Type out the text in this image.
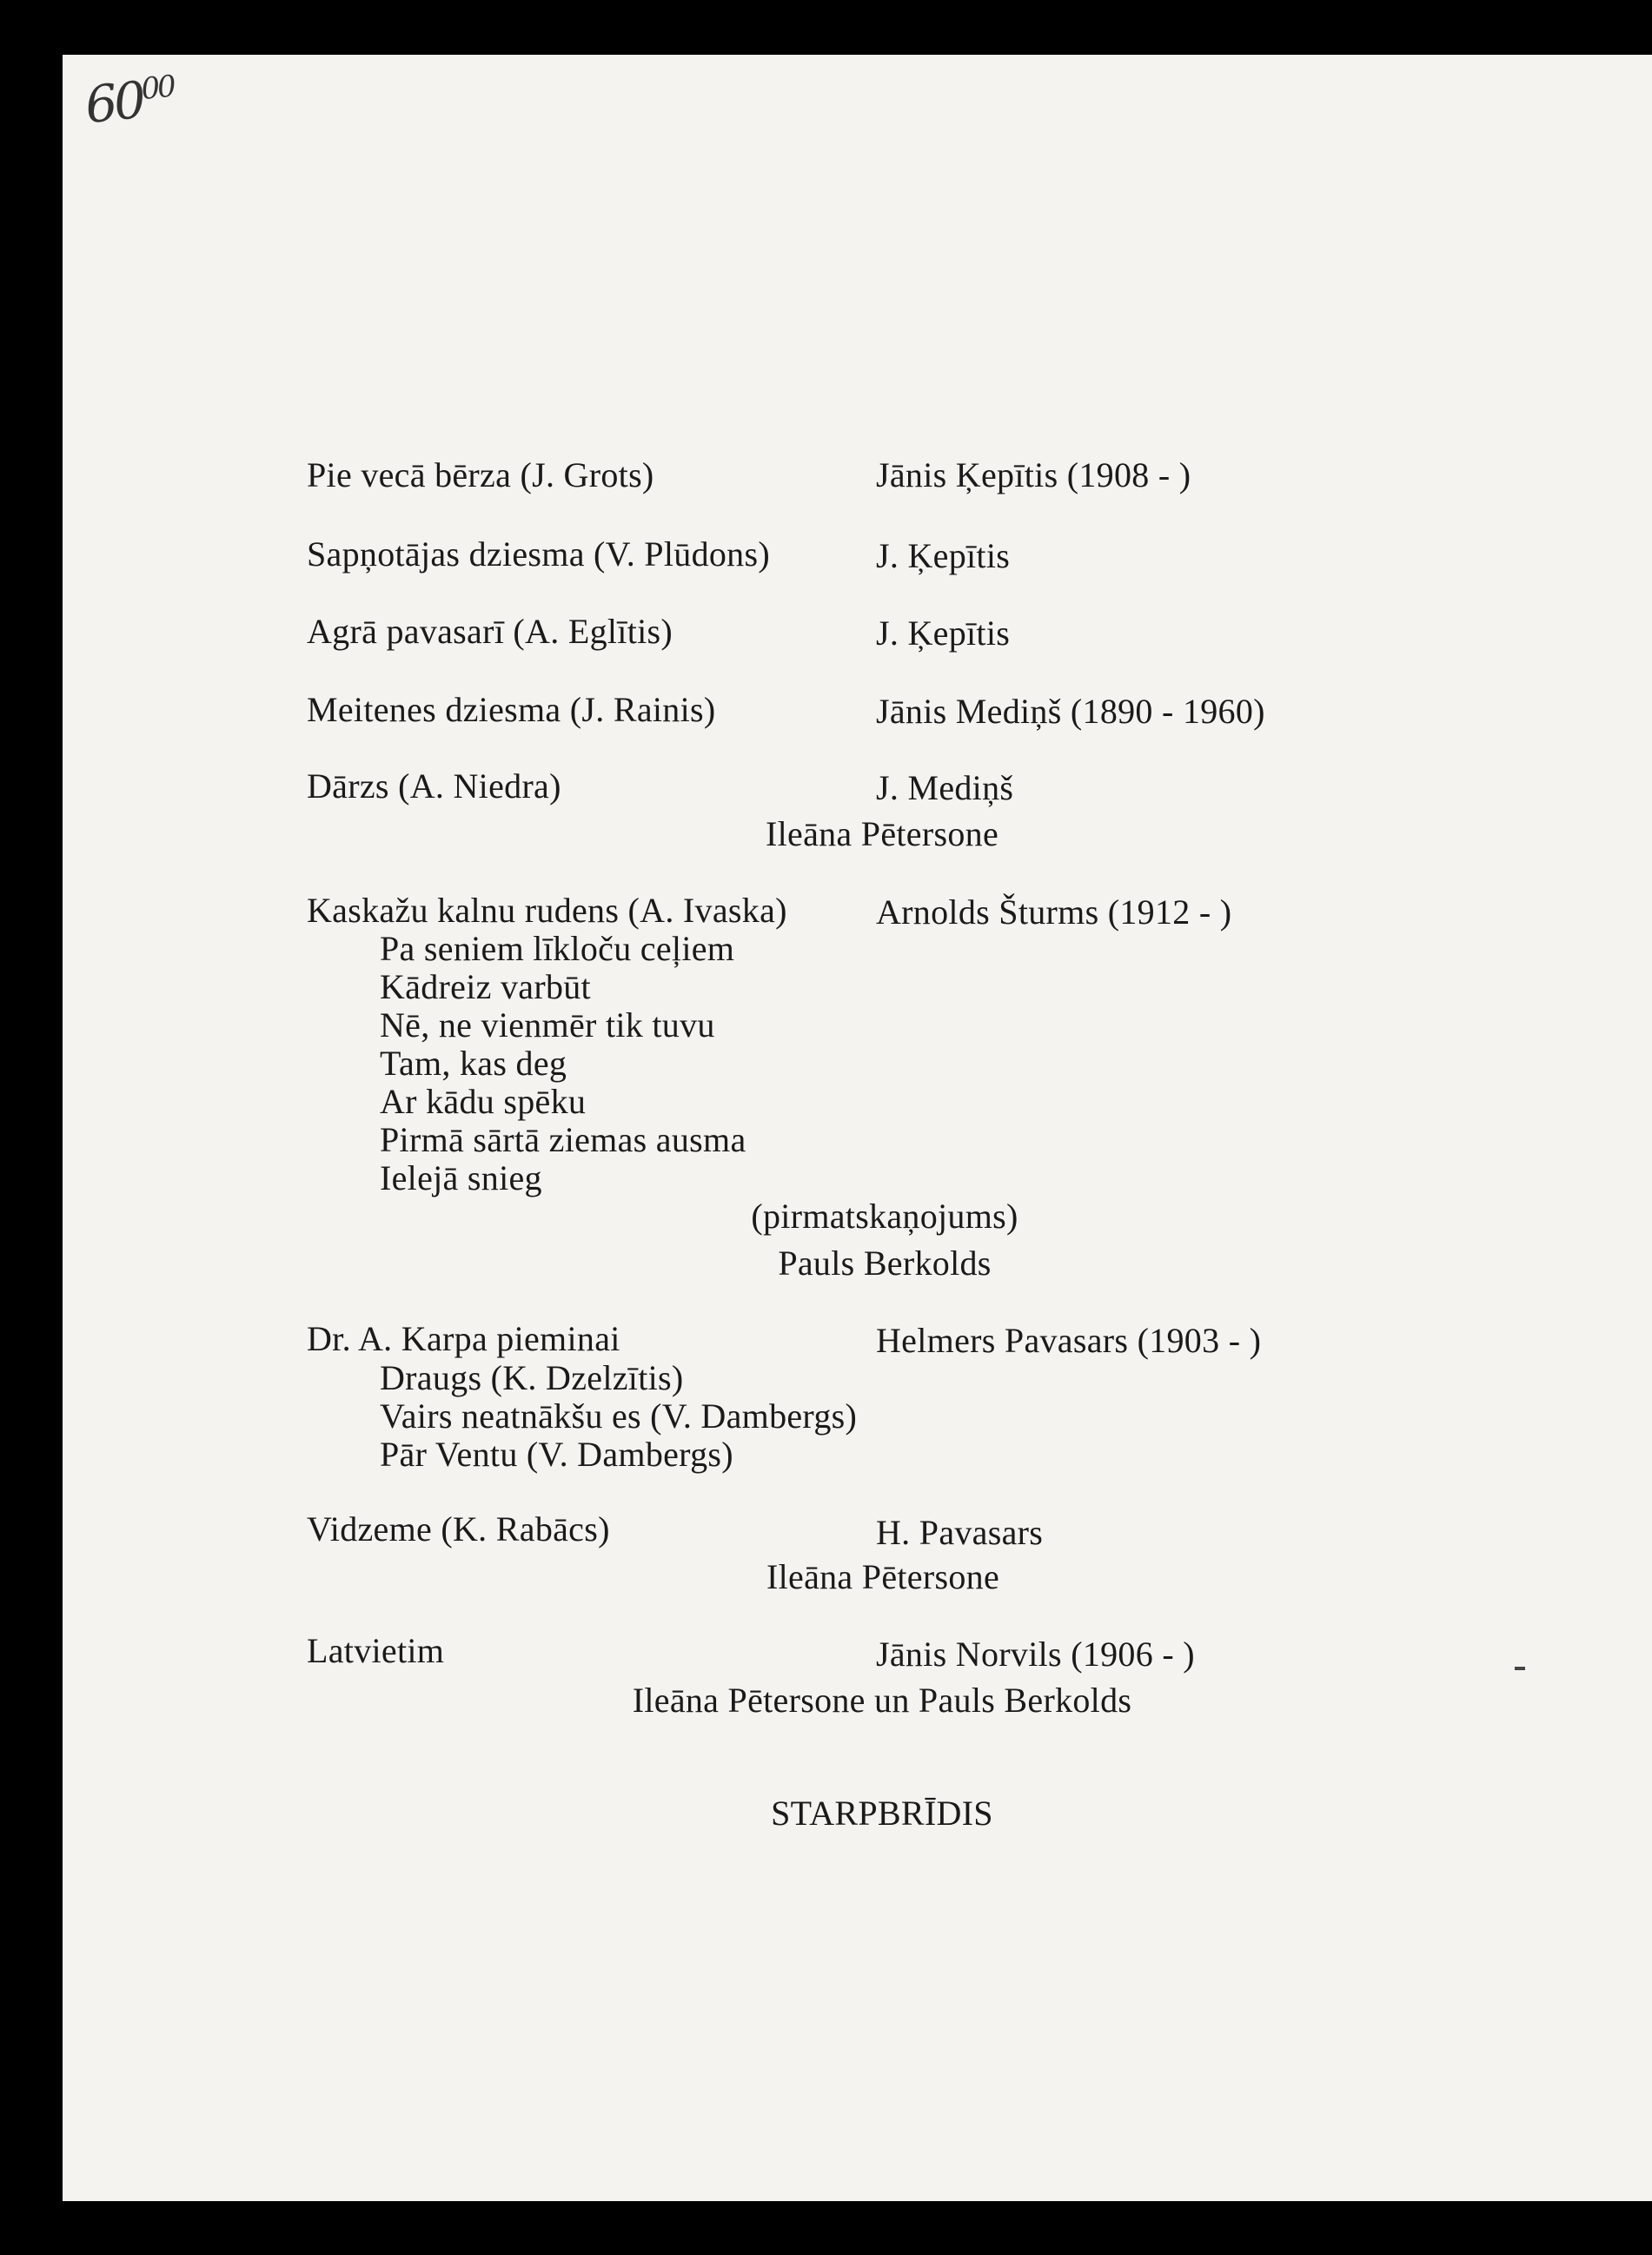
$60^{00}$
Pie vecā bērza (J. Grots)	Jānis Ķepītis (1908 - )
Sapņotājas dziesma (V. Plūdons)	J. Ķepītis
Agrā pavasarī (A. Eglītis)	J. Ķepītis
Meitenes dziesma (J. Rainis)	Jānis Mediņš (1890 - 1960)
Dārzs (A. Niedra)	J. Mediņš
Ileāna Pētersone
Kaskažu kalnu rudens (A. Ivaska)	Arnolds Šturms (1912 - )
Pa seniem līkloču ceļiem
Kādreiz varbūt
Nē, ne vienmēr tik tuvu
Tam, kas deg
Ar kādu spēku
Pirmā sārtā ziemas ausma
Ielejā snieg
(pirmatskaņojums)
Pauls Berkolds
Dr. A. Karpa pieminai	Helmers Pavasars (1903 - )
Draugs (K. Dzelzītis)
Vairs neatnākšu es (V. Dambergs)
Pār Ventu (V. Dambergs)
Vidzeme (K. Rabācs)	H. Pavasars
Ileāna Pētersone
Latvietim	Jānis Norvils (1906 - )
Ileāna Pētersone un Pauls Berkolds
STARPBRĪDIS
